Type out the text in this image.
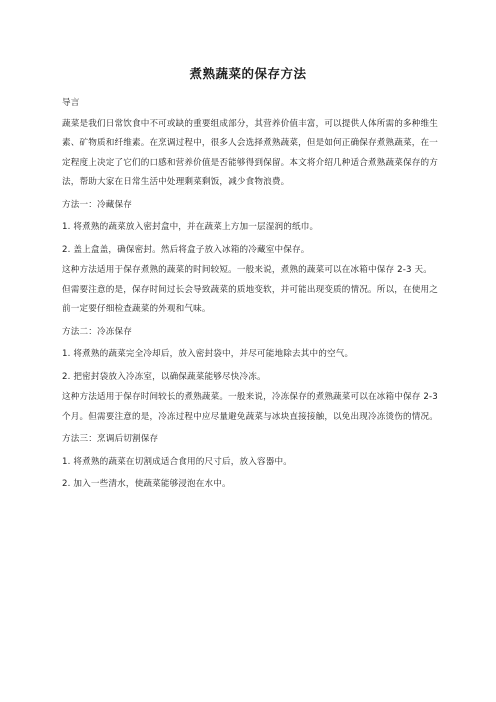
煮熟蔬菜的保存方法

导言

蔬菜是我们日常饮食中不可或缺的重要组成部分，其营养价值丰富，可以提供人体所需的多种维生素、矿物质和纤维素。在烹调过程中，很多人会选择煮熟蔬菜，但是如何正确保存煮熟蔬菜，在一定程度上决定了它们的口感和营养价值是否能够得到保留。本文将介绍几种适合煮熟蔬菜保存的方法，帮助大家在日常生活中处理剩菜剩饭，减少食物浪费。

方法一：冷藏保存

1. 将煮熟的蔬菜放入密封盒中，并在蔬菜上方加一层湿润的纸巾。

2. 盖上盒盖，确保密封。然后将盒子放入冰箱的冷藏室中保存。

这种方法适用于保存煮熟的蔬菜的时间较短。一般来说，煮熟的蔬菜可以在冰箱中保存 2-3 天。但需要注意的是，保存时间过长会导致蔬菜的质地变软，并可能出现变质的情况。所以，在使用之前一定要仔细检查蔬菜的外观和气味。

方法二：冷冻保存

1. 将煮熟的蔬菜完全冷却后，放入密封袋中，并尽可能地除去其中的空气。

2. 把密封袋放入冷冻室，以确保蔬菜能够尽快冷冻。

这种方法适用于保存时间较长的煮熟蔬菜。一般来说，冷冻保存的煮熟蔬菜可以在冰箱中保存 2-3 个月。但需要注意的是，冷冻过程中应尽量避免蔬菜与冰块直接接触，以免出现冷冻烫伤的情况。

方法三：烹调后切割保存

1. 将煮熟的蔬菜在切割成适合食用的尺寸后，放入容器中。

2. 加入一些清水，使蔬菜能够浸泡在水中。
